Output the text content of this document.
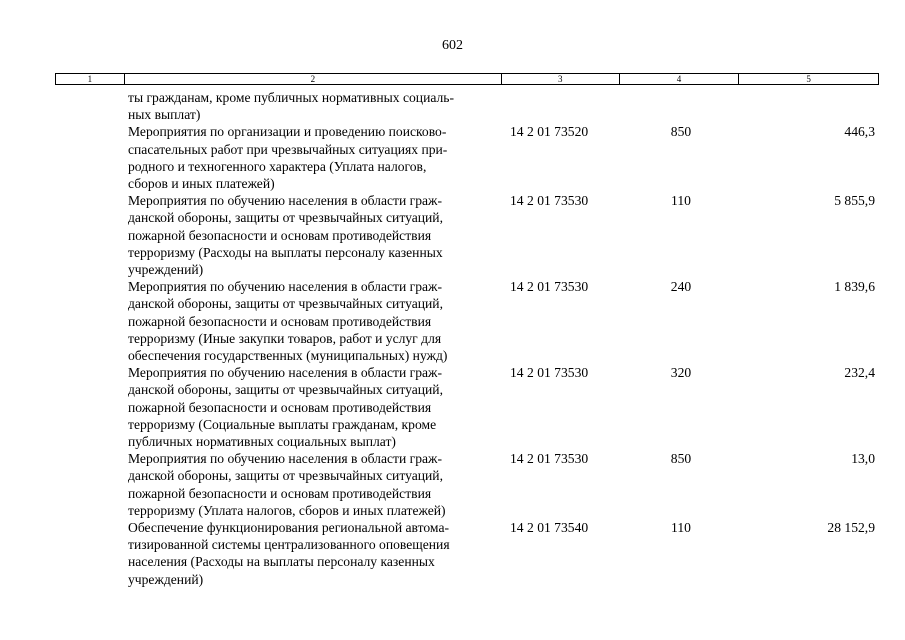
602
1	2	3	4	5
ты гражданам, кроме публичных нормативных социаль-
ных выплат)
Мероприятия по организации и проведению поисково-
спасательных работ при чрезвычайных ситуациях при-
родного и техногенного характера (Уплата налогов,
сборов и иных платежей)
14 2 01 73520	850	446,3
Мероприятия по обучению населения в области граж-
данской обороны, защиты от чрезвычайных ситуаций,
пожарной безопасности и основам противодействия
терроризму (Расходы на выплаты персоналу казенных
учреждений)
14 2 01 73530	110	5 855,9
Мероприятия по обучению населения в области граж-
данской обороны, защиты от чрезвычайных ситуаций,
пожарной безопасности и основам противодействия
терроризму (Иные закупки товаров, работ и услуг для
обеспечения государственных (муниципальных) нужд)
14 2 01 73530	240	1 839,6
Мероприятия по обучению населения в области граж-
данской обороны, защиты от чрезвычайных ситуаций,
пожарной безопасности и основам противодействия
терроризму (Социальные выплаты гражданам, кроме
публичных нормативных социальных выплат)
14 2 01 73530	320	232,4
Мероприятия по обучению населения в области граж-
данской обороны, защиты от чрезвычайных ситуаций,
пожарной безопасности и основам противодействия
терроризму (Уплата налогов, сборов и иных платежей)
14 2 01 73530	850	13,0
Обеспечение функционирования региональной автома-
тизированной системы централизованного оповещения
населения (Расходы на выплаты персоналу казенных
учреждений)
14 2 01 73540	110	28 152,9
